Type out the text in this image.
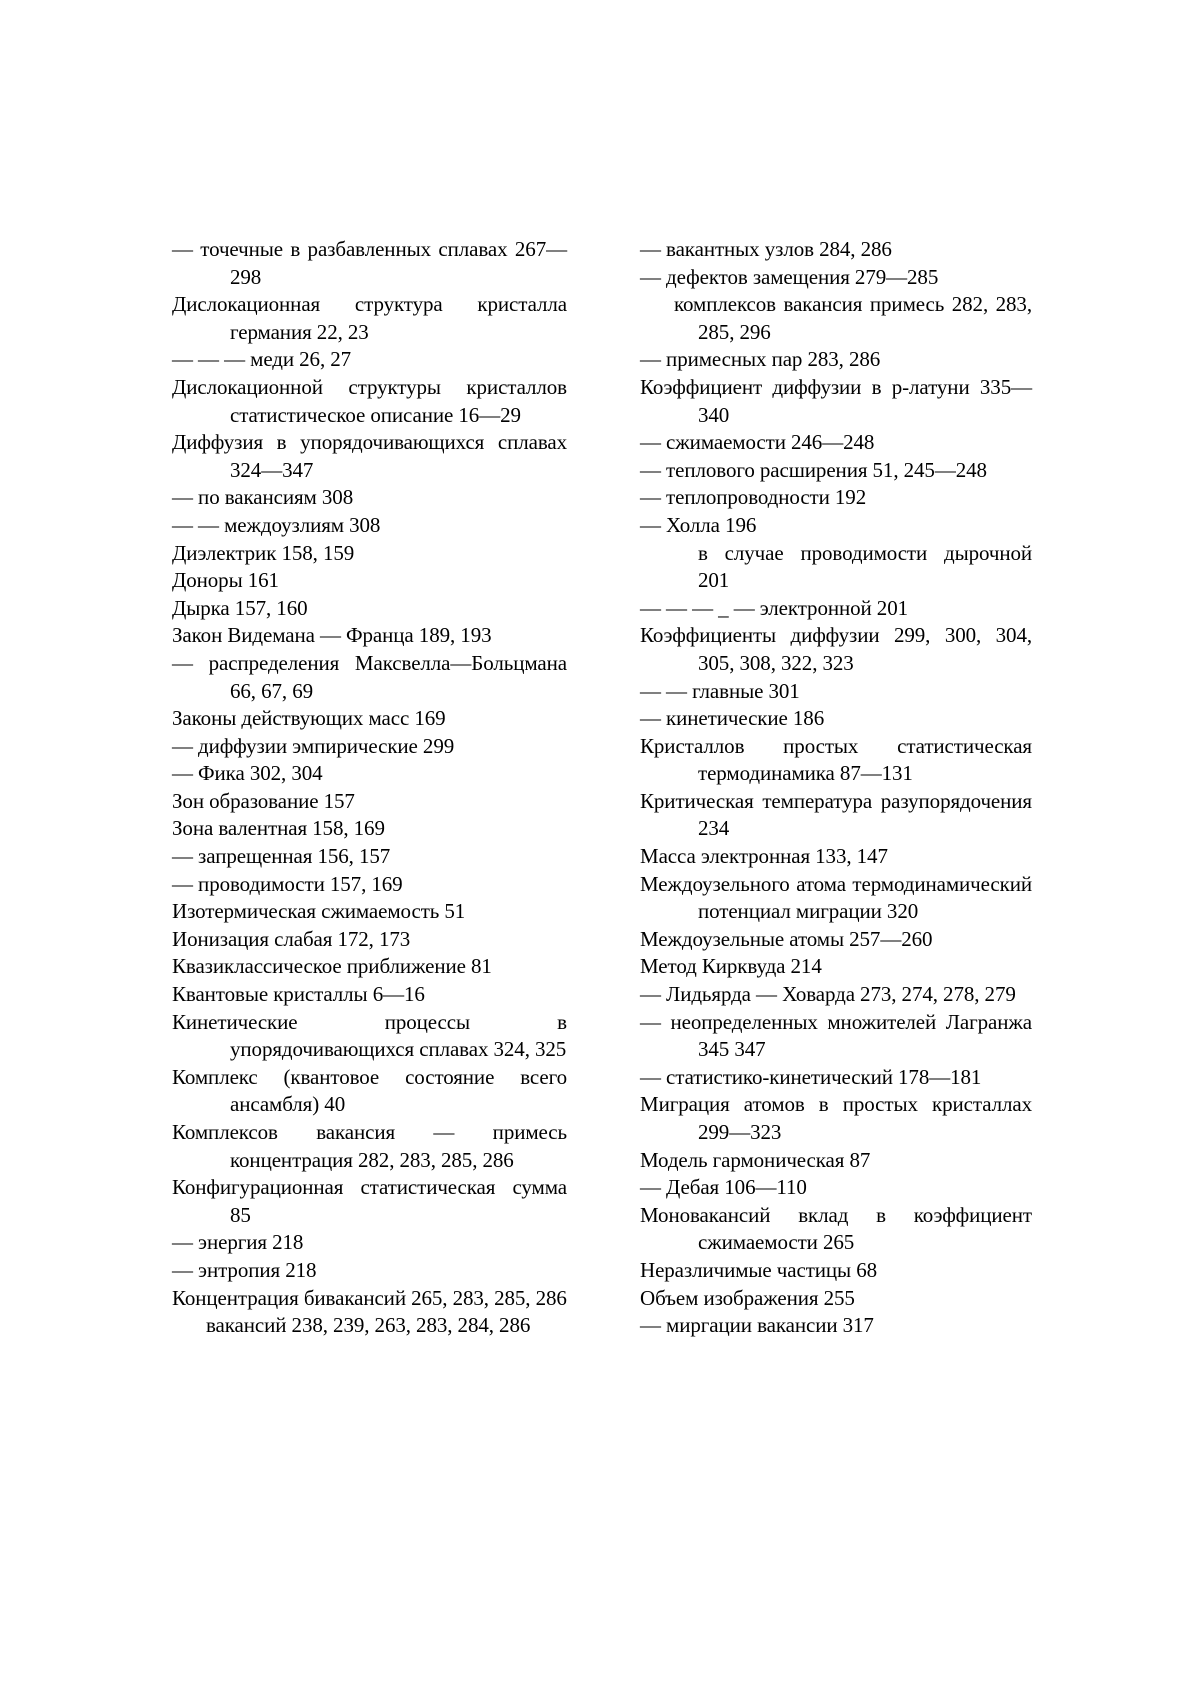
— точечные в разбавленных сплавах 267—298
Дислокационная структура кристалла германия 22, 23
— — — меди 26, 27
Дислокационной структуры кристаллов статистическое описание 16—29
Диффузия в упорядочивающихся сплавах 324—347
— по вакансиям 308
— — междоузлиям 308
Диэлектрик 158, 159
Доноры 161
Дырка 157, 160
Закон Видемана — Франца 189, 193
— распределения Максвелла—Больцмана 66, 67, 69
Законы действующих масс 169
— диффузии эмпирические 299
— Фика 302, 304
Зон образование 157
Зона валентная 158, 169
— запрещенная 156, 157
— проводимости 157, 169
Изотермическая сжимаемость 51
Ионизация слабая 172, 173
Квазиклассическое приближение 81
Квантовые кристаллы 6—16
Кинетические процессы в упорядочивающихся сплавах 324, 325
Комплекс (квантовое состояние всего ансамбля) 40
Комплексов вакансия — примесь концентрация 282, 283, 285, 286
Конфигурационная статистическая сумма 85
— энергия 218
— энтропия 218
Концентрация бивакансий 265, 283, 285, 286
вакансий 238, 239, 263, 283, 284, 286
— вакантных узлов 284, 286
— дефектов замещения 279—285
комплексов вакансия примесь 282, 283, 285, 296
— примесных пар 283, 286
Коэффициент диффузии в p-латуни 335—340
— сжимаемости 246—248
— теплового расширения 51, 245—248
— теплопроводности 192
— Холла 196
в случае проводимости дырочной 201
— — — _ — электронной 201
Коэффициенты диффузии 299, 300, 304, 305, 308, 322, 323
— — главные 301
— кинетические 186
Кристаллов простых статистическая термодинамика 87—131
Критическая температура разупорядочения 234
Масса электронная 133, 147
Междоузельного атома термодинамический потенциал миграции 320
Междоузельные атомы 257—260
Метод Кирквуда 214
— Лидьярда — Ховарда 273, 274, 278, 279
— неопределенных множителей Лагранжа 345 347
— статистико-кинетический 178—181
Миграция атомов в простых кристаллах 299—323
Модель гармоническая 87
— Дебая 106—110
Моновакансий вклад в коэффициент сжимаемости 265
Неразличимые частицы 68
Объем изображения 255
— миргации вакансии 317
